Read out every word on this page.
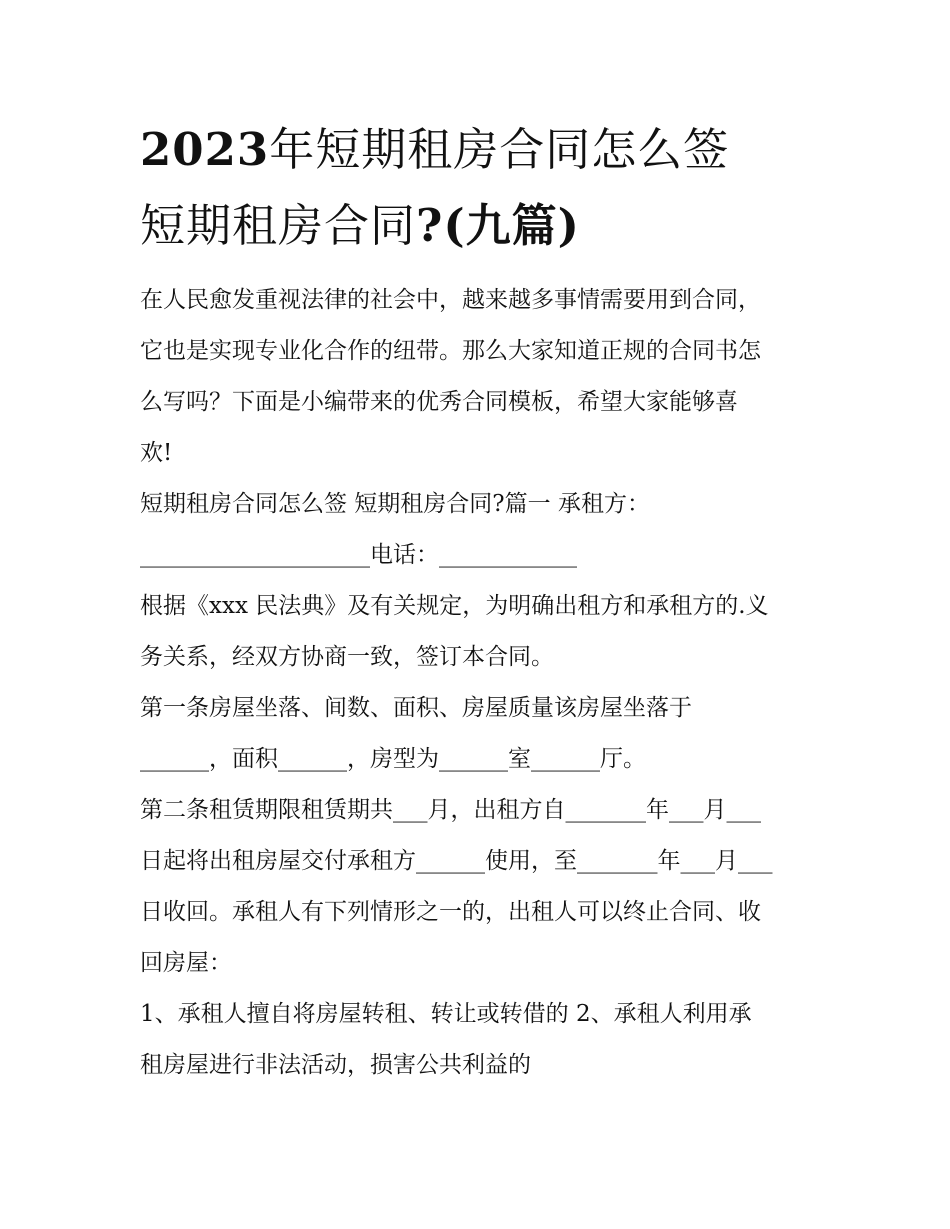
2023年短期租房合同怎么签
短期租房合同?(九篇)
在人民愈发重视法律的社会中，越来越多事情需要用到合同，
它也是实现专业化合作的纽带。那么大家知道正规的合同书怎
么写吗？下面是小编带来的优秀合同模板，希望大家能够喜
欢!
短期租房合同怎么签 短期租房合同?篇一 承租方：
____________________电话：____________
根据《xxx 民法典》及有关规定，为明确出租方和承租方的.义
务关系，经双方协商一致，签订本合同。
第一条房屋坐落、间数、面积、房屋质量该房屋坐落于
______，面积______，房型为______室______厅。
第二条租赁期限租赁期共___月，出租方自_______年___月___
日起将出租房屋交付承租方______使用，至_______年___月___
日收回。承租人有下列情形之一的，出租人可以终止合同、收
回房屋：
1、承租人擅自将房屋转租、转让或转借的 2、承租人利用承
租房屋进行非法活动，损害公共利益的
